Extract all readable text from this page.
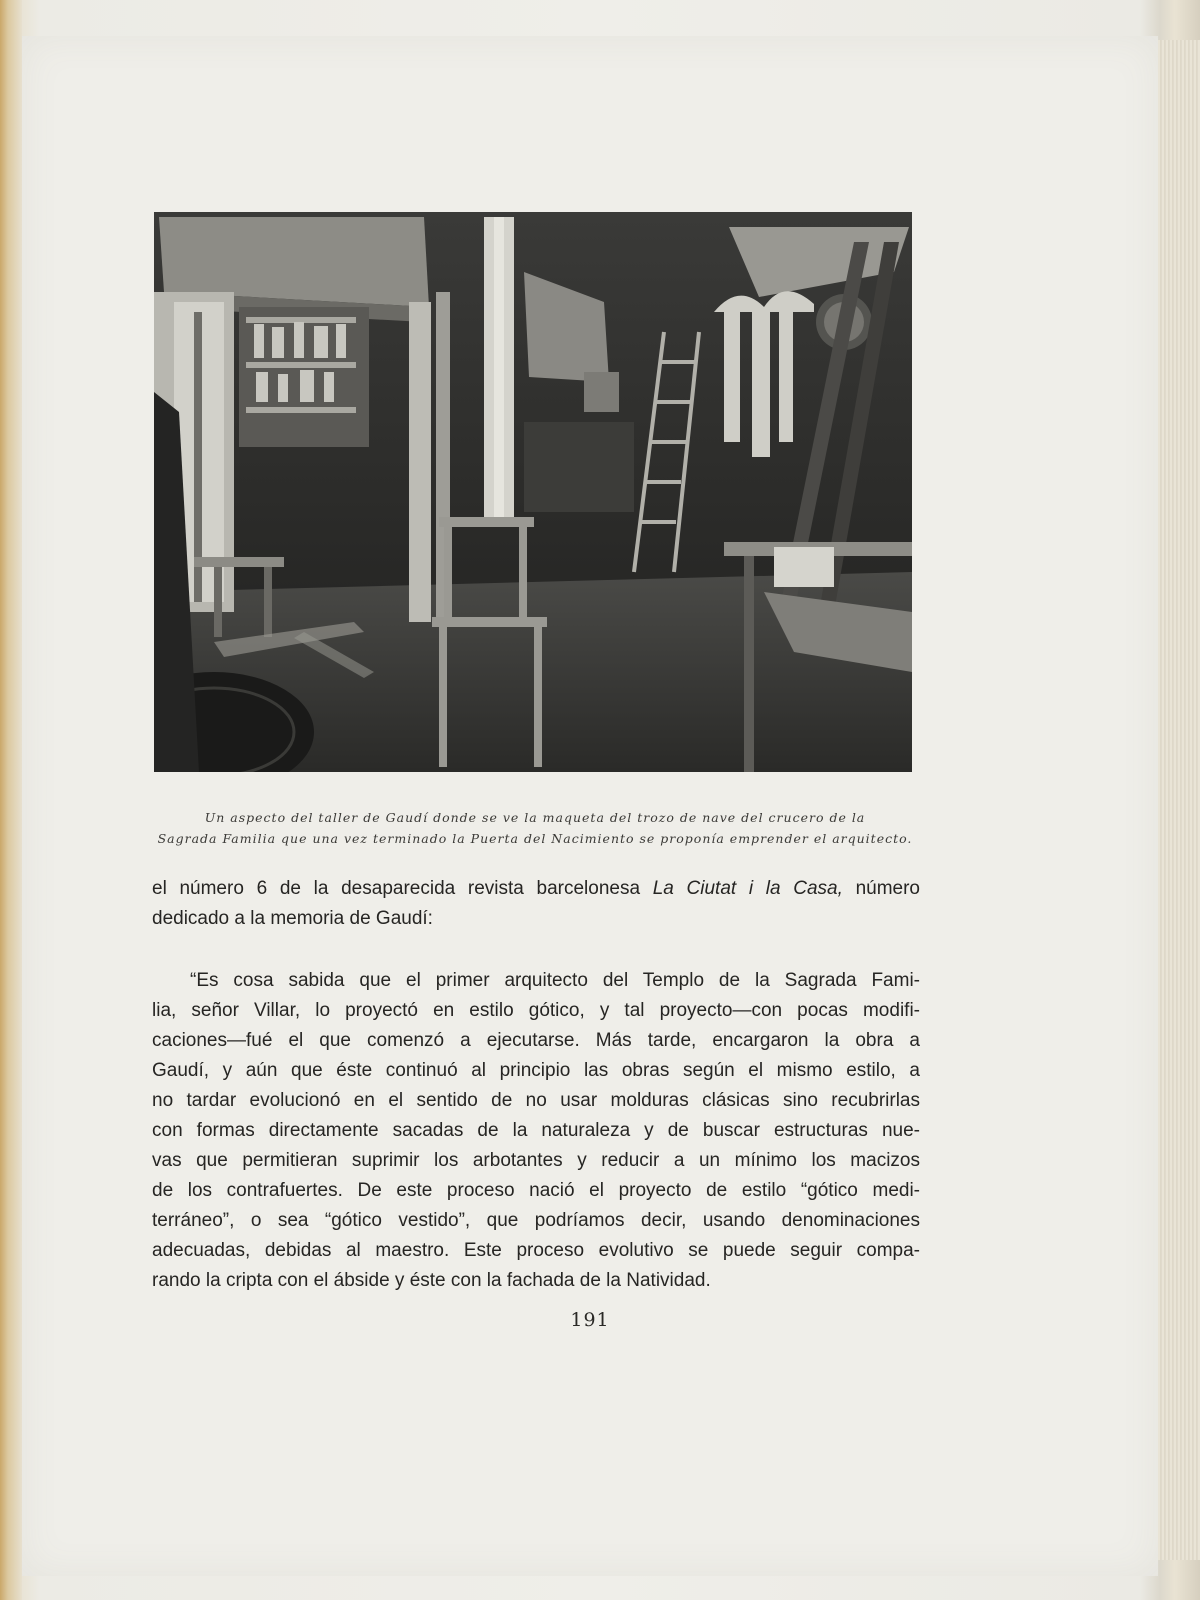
Un aspecto del taller de Gaudí donde se ve la maqueta del trozo de nave del crucero de la
Sagrada Familia que una vez terminado la Puerta del Nacimiento se proponía emprender el arquitecto.
el número 6 de la desaparecida revista barcelonesa La Ciutat i la Casa, número
dedicado a la memoria de Gaudí:
“Es cosa sabida que el primer arquitecto del Templo de la Sagrada Fami-
lia, señor Villar, lo proyectó en estilo gótico, y tal proyecto—con pocas modifi-
caciones—fué el que comenzó a ejecutarse. Más tarde, encargaron la obra a
Gaudí, y aún que éste continuó al principio las obras según el mismo estilo, a
no tardar evolucionó en el sentido de no usar molduras clásicas sino recubrirlas
con formas directamente sacadas de la naturaleza y de buscar estructuras nue-
vas que permitieran suprimir los arbotantes y reducir a un mínimo los macizos
de los contrafuertes. De este proceso nació el proyecto de estilo “gótico medi-
terráneo”, o sea “gótico vestido”, que podríamos decir, usando denominaciones
adecuadas, debidas al maestro. Este proceso evolutivo se puede seguir compa-
rando la cripta con el ábside y éste con la fachada de la Natividad.
191
